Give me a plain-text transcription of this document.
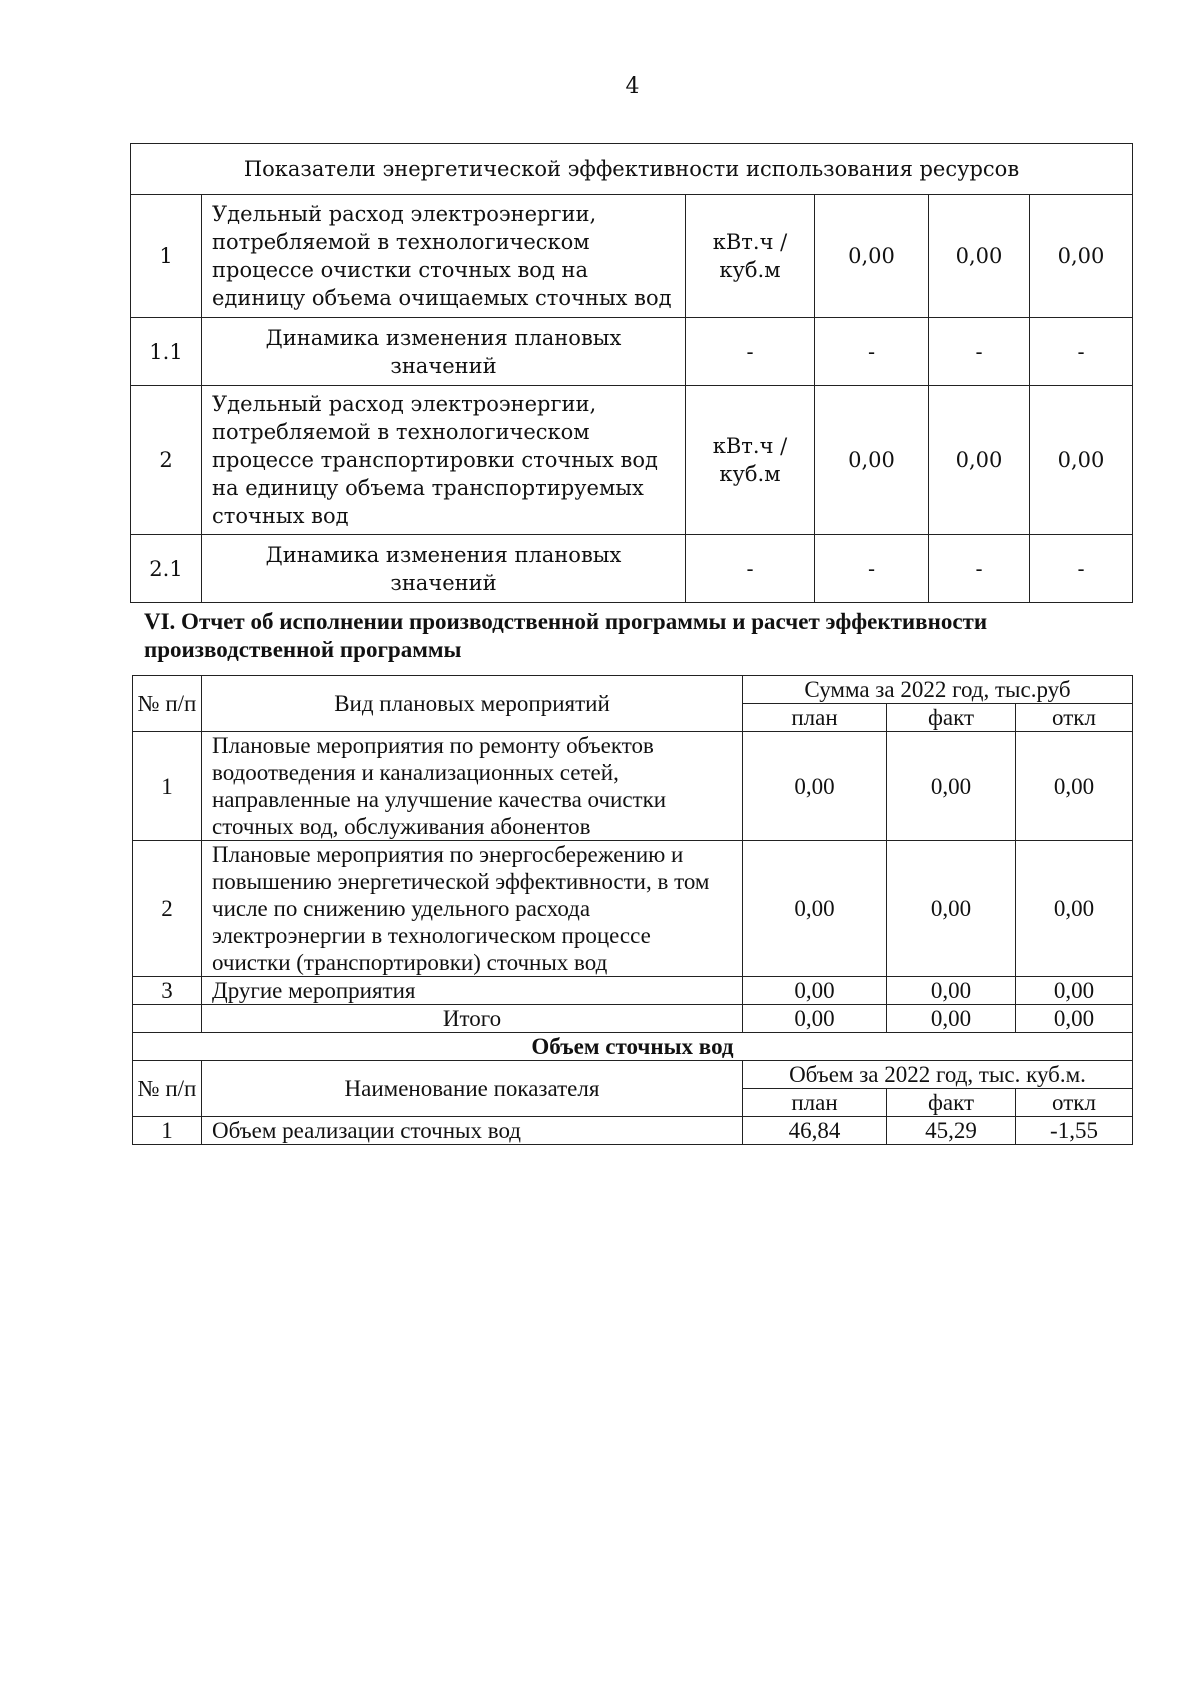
4
Показатели энергетической эффективности использования ресурсов					
1	Удельный расход электроэнергии, потребляемой в технологическом процессе очистки сточных вод на единицу объема очищаемых сточных вод	кВт.ч / куб.м	0,00	0,00	0,00
1.1	Динамика изменения плановых значений	-	-	-	-
2	Удельный расход электроэнергии, потребляемой в технологическом процессе транспортировки сточных вод на единицу объема транспортируемых сточных вод	кВт.ч / куб.м	0,00	0,00	0,00
2.1	Динамика изменения плановых значений	-	-	-	-
VI. Отчет об исполнении производственной программы и расчет эффективности производственной программы
№ п/п	Вид плановых мероприятий	Сумма за 2022 год, тыс.руб		
		план	факт	откл
1	Плановые мероприятия по ремонту объектов водоотведения и канализационных сетей, направленные на улучшение качества очистки сточных вод, обслуживания абонентов	0,00	0,00	0,00
2	Плановые мероприятия по энергосбережению и повышению энергетической эффективности, в том числе по снижению удельного расхода электроэнергии в технологическом процессе очистки (транспортировки) сточных вод	0,00	0,00	0,00
3	Другие мероприятия	0,00	0,00	0,00
	Итого	0,00	0,00	0,00
Объем сточных вод				
№ п/п	Наименование показателя	Объем за 2022 год, тыс. куб.м.		
		план	факт	откл
1	Объем реализации сточных вод	46,84	45,29	-1,55
